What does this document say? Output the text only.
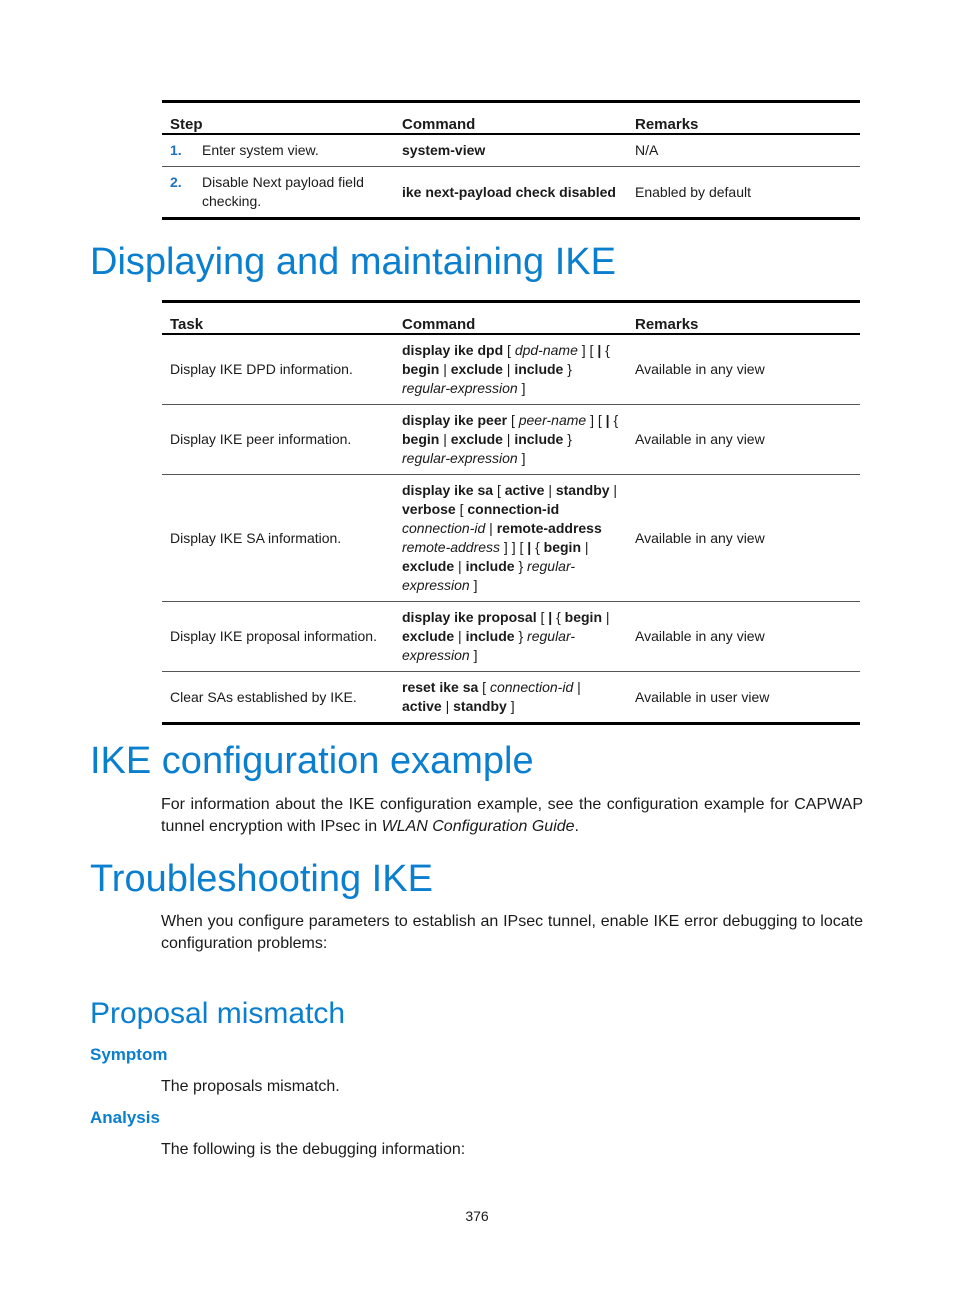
Step	Command	Remarks
1. Enter system view.	system-view	N/A
2. Disable Next payload field checking.	ike next-payload check disabled	Enabled by default
Displaying and maintaining IKE
Task	Command	Remarks
Display IKE DPD information.	display ike dpd [ dpd-name ] [ | { begin | exclude | include } regular-expression ]	Available in any view
Display IKE peer information.	display ike peer [ peer-name ] [ | { begin | exclude | include } regular-expression ]	Available in any view
Display IKE SA information.	display ike sa [ active | standby | verbose [ connection-id connection-id | remote-address remote-address ] ] [ | { begin | exclude | include } regular-expression ]	Available in any view
Display IKE proposal information.	display ike proposal [ | { begin | exclude | include } regular-expression ]	Available in any view
Clear SAs established by IKE.	reset ike sa [ connection-id | active | standby ]	Available in user view
IKE configuration example

For information about the IKE configuration example, see the configuration example for CAPWAP tunnel encryption with IPsec in WLAN Configuration Guide.

Troubleshooting IKE

When you configure parameters to establish an IPsec tunnel, enable IKE error debugging to locate configuration problems:

Proposal mismatch
Symptom

The proposals mismatch.

Analysis

The following is the debugging information:

376
